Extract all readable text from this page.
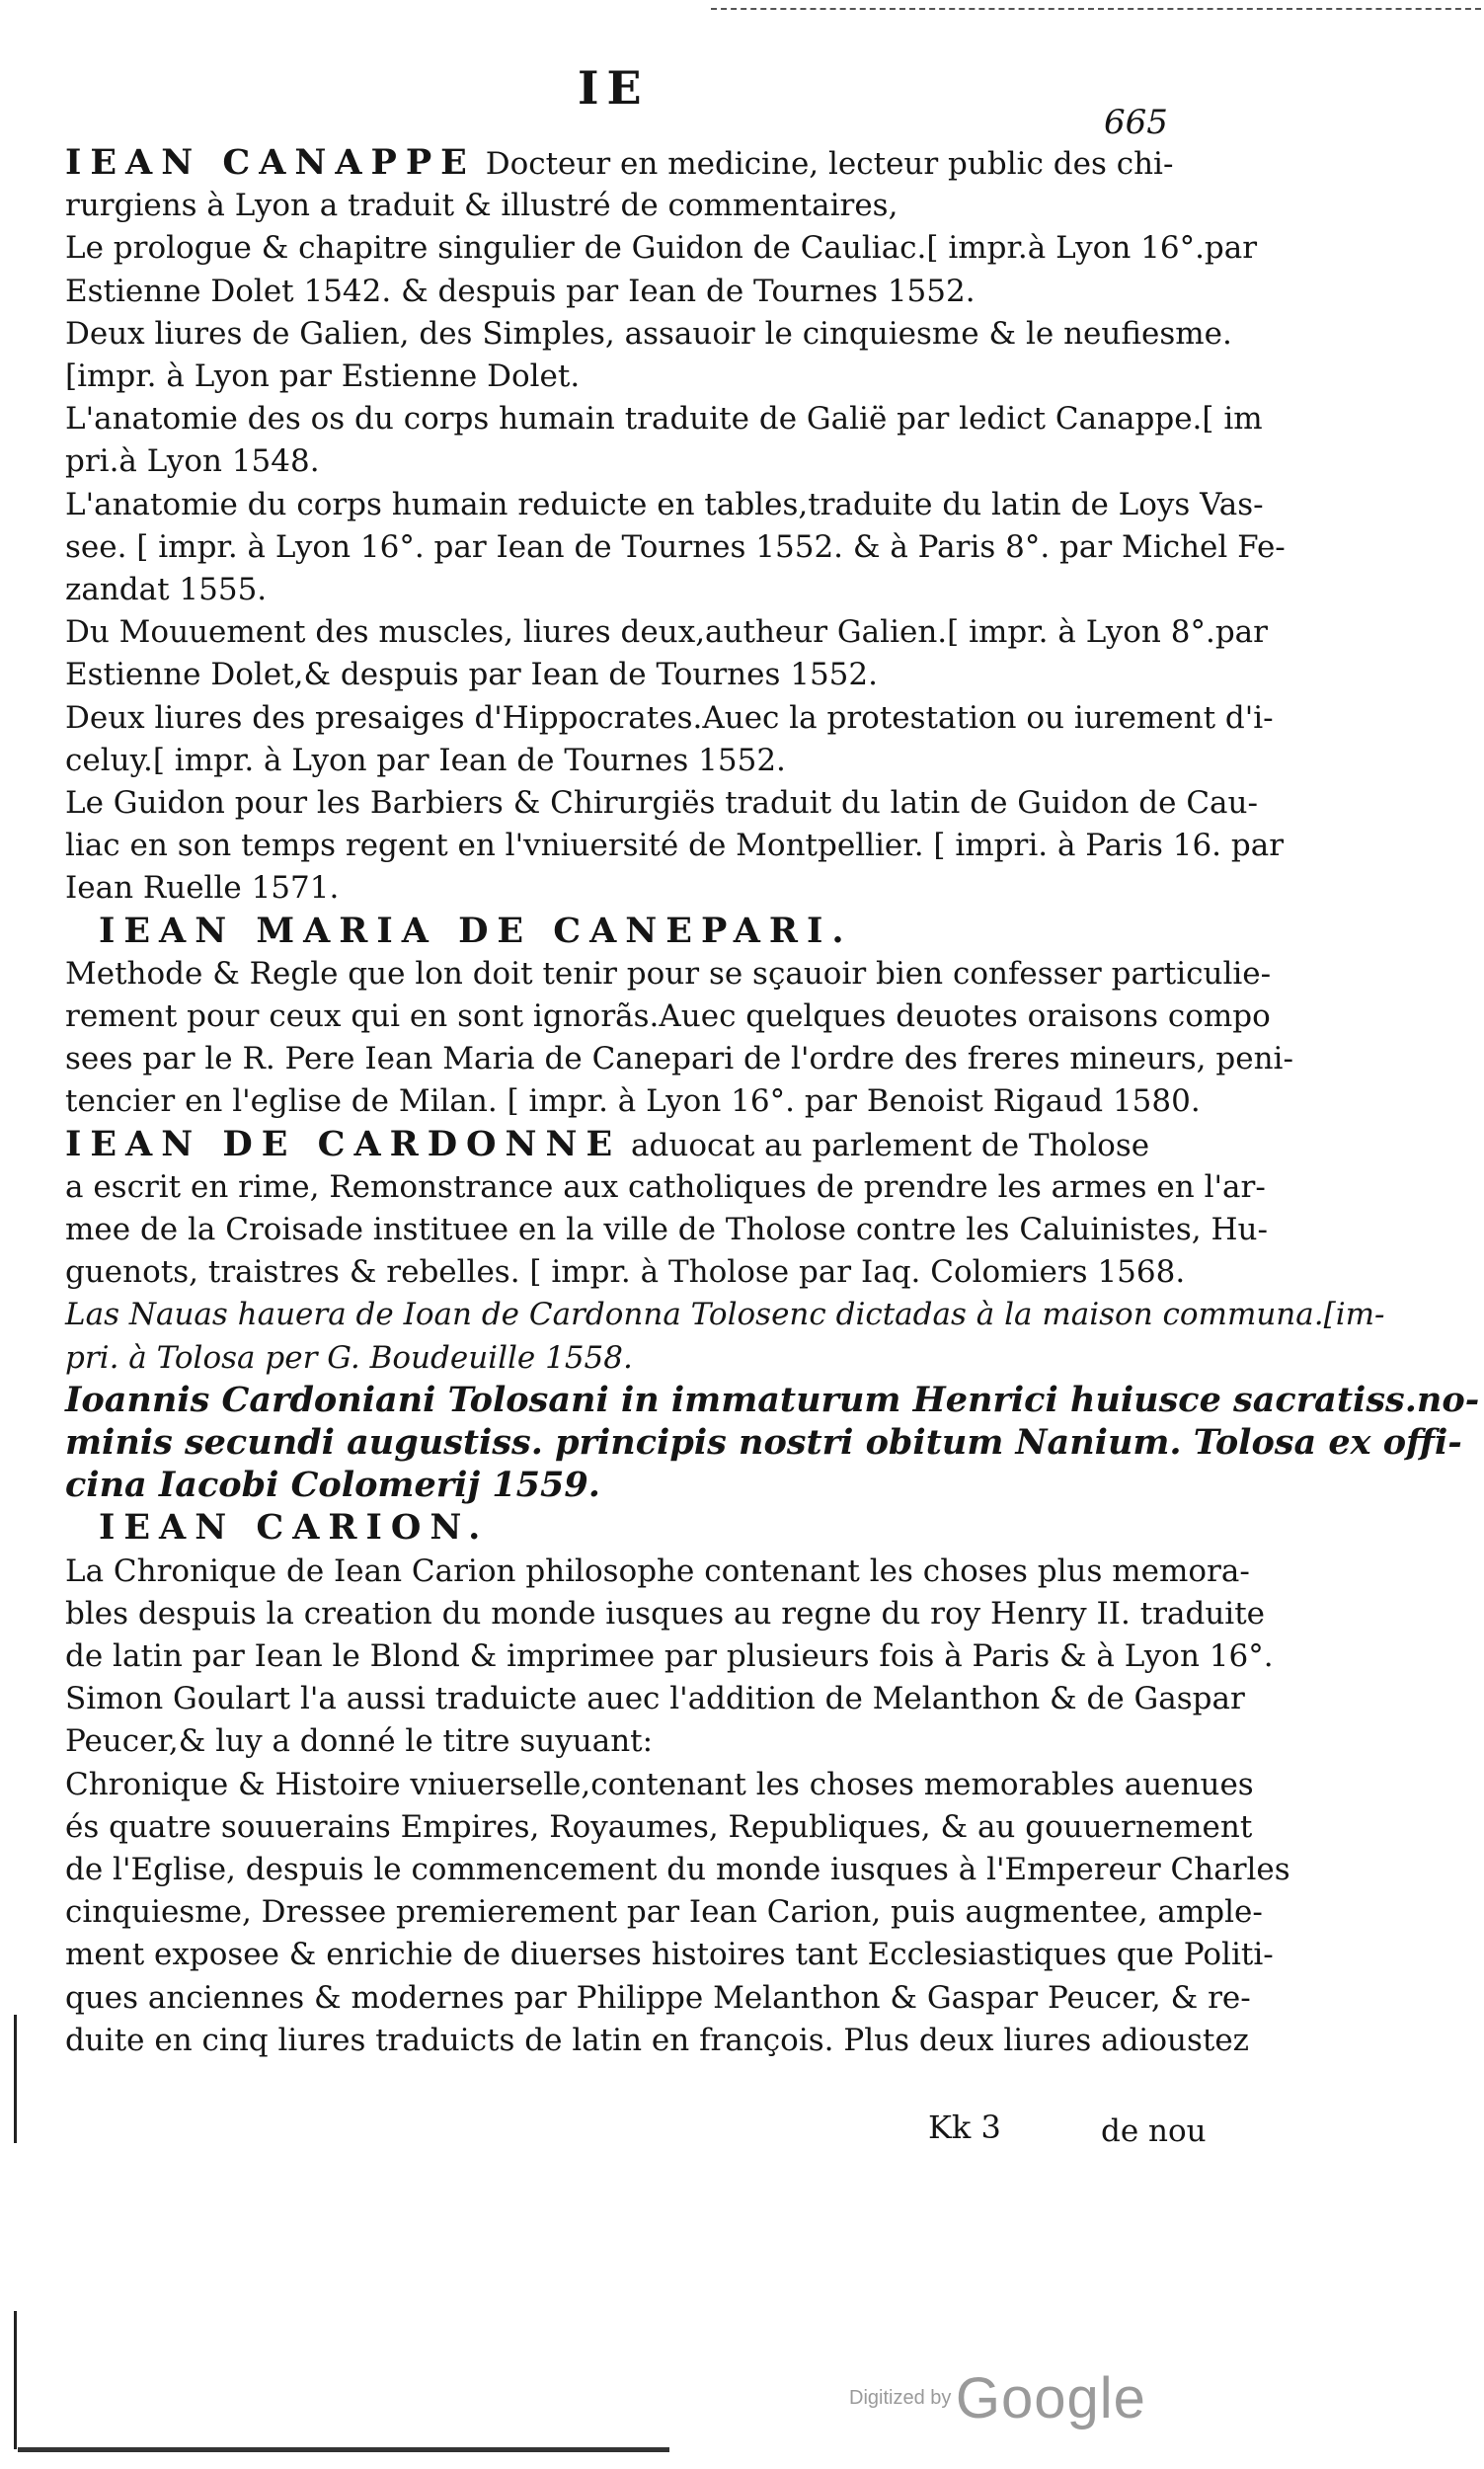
IE
665
IEAN CANAPPE Docteur en medicine, lecteur public des chi-
rurgiens à Lyon a traduit & illustré de commentaires,
Le prologue & chapitre singulier de Guidon de Cauliac.[ impr.à Lyon 16°.par
Estienne Dolet 1542. & despuis par Iean de Tournes 1552.
Deux liures de Galien, des Simples, assauoir le cinquiesme & le neufiesme.
[impr. à Lyon par Estienne Dolet.
L'anatomie des os du corps humain traduite de Galië par ledict Canappe.[ im
pri.à Lyon 1548.
L'anatomie du corps humain reduicte en tables,traduite du latin de Loys Vas-
see. [ impr. à Lyon 16°. par Iean de Tournes 1552. & à Paris 8°. par Michel Fe-
zandat 1555.
Du Mouuement des muscles, liures deux,autheur Galien.[ impr. à Lyon 8°.par
Estienne Dolet,& despuis par Iean de Tournes 1552.
Deux liures des presaiges d'Hippocrates.Auec la protestation ou iurement d'i-
celuy.[ impr. à Lyon par Iean de Tournes 1552.
Le Guidon pour les Barbiers & Chirurgiës traduit du latin de Guidon de Cau-
liac en son temps regent en l'vniuersité de Montpellier. [ impri. à Paris 16. par
Iean Ruelle 1571.
IEAN MARIA DE CANEPARI.
Methode & Regle que lon doit tenir pour se sçauoir bien confesser particulie-
rement pour ceux qui en sont ignorãs.Auec quelques deuotes oraisons compo
sees par le R. Pere Iean Maria de Canepari de l'ordre des freres mineurs, peni-
tencier en l'eglise de Milan. [ impr. à Lyon 16°. par Benoist Rigaud 1580.
IEAN DE CARDONNE aduocat au parlement de Tholose
a escrit en rime, Remonstrance aux catholiques de prendre les armes en l'ar-
mee de la Croisade instituee en la ville de Tholose contre les Caluinistes, Hu-
guenots, traistres & rebelles. [ impr. à Tholose par Iaq. Colomiers 1568.
Las Nauas hauera de Ioan de Cardonna Tolosenc dictadas à la maison communa.[im-
pri. à Tolosa per G. Boudeuille 1558.
Ioannis Cardoniani Tolosani in immaturum Henrici huiusce sacratiss.no-
minis secundi augustiss. principis nostri obitum Nanium. Tolosa ex offi-
cina Iacobi Colomerij 1559.
IEAN CARION.
La Chronique de Iean Carion philosophe contenant les choses plus memora-
bles despuis la creation du monde iusques au regne du roy Henry II. traduite
de latin par Iean le Blond & imprimee par plusieurs fois à Paris & à Lyon 16°.
Simon Goulart l'a aussi traduicte auec l'addition de Melanthon & de Gaspar
Peucer,& luy a donné le titre suyuant:
Chronique & Histoire vniuerselle,contenant les choses memorables auenues
és quatre souuerains Empires, Royaumes, Republiques, & au gouuernement
de l'Eglise, despuis le commencement du monde iusques à l'Empereur Charles
cinquiesme, Dressee premierement par Iean Carion, puis augmentee, ample-
ment exposee & enrichie de diuerses histoires tant Ecclesiastiques que Politi-
ques anciennes & modernes par Philippe Melanthon & Gaspar Peucer, & re-
duite en cinq liures traduicts de latin en françois. Plus deux liures adioustez
Kk 3	de nou
Digitized by Google
